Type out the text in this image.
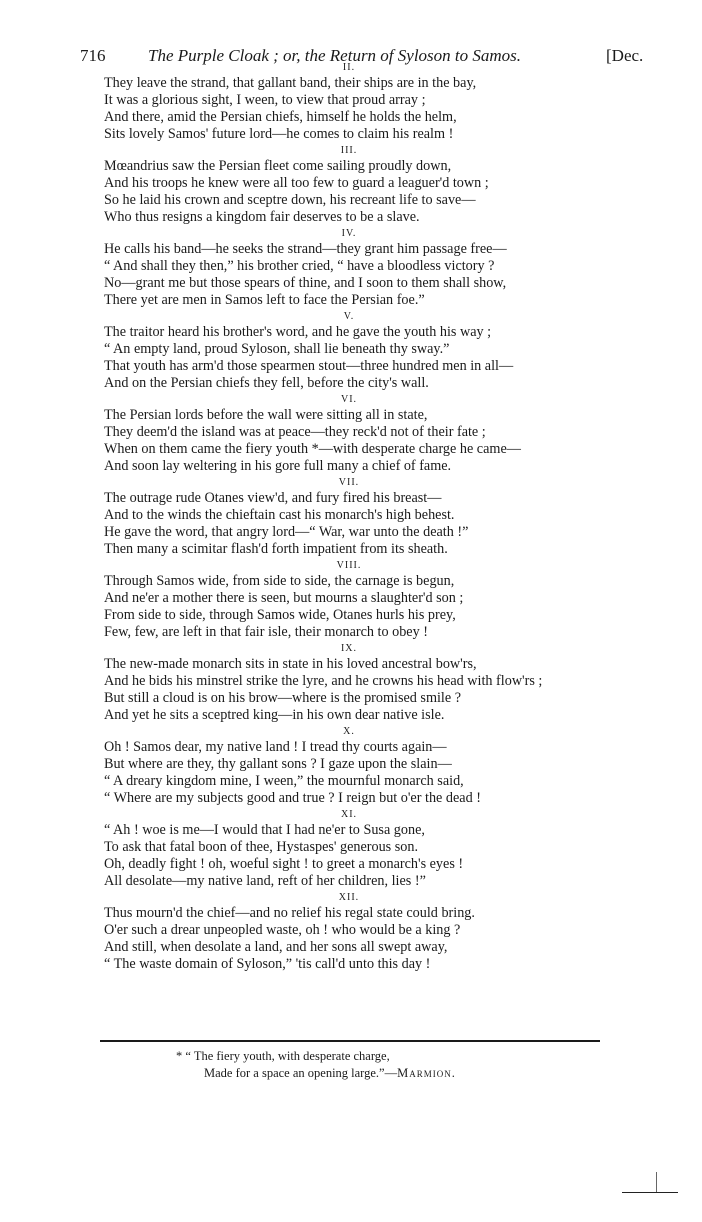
716	The Purple Cloak ; or, the Return of Syloson to Samos.	[Dec.
II.
They leave the strand, that gallant band, their ships are in the bay,
It was a glorious sight, I ween, to view that proud array ;
And there, amid the Persian chiefs, himself he holds the helm,
Sits lovely Samos' future lord—he comes to claim his realm !
III.
Mœandrius saw the Persian fleet come sailing proudly down,
And his troops he knew were all too few to guard a leaguer'd town ;
So he laid his crown and sceptre down, his recreant life to save—
Who thus resigns a kingdom fair deserves to be a slave.
IV.
He calls his band—he seeks the strand—they grant him passage free—
“ And shall they then,” his brother cried, “ have a bloodless victory ?
No—grant me but those spears of thine, and I soon to them shall show,
There yet are men in Samos left to face the Persian foe.”
V.
The traitor heard his brother's word, and he gave the youth his way ;
“ An empty land, proud Syloson, shall lie beneath thy sway.”
That youth has arm'd those spearmen stout—three hundred men in all—
And on the Persian chiefs they fell, before the city's wall.
VI.
The Persian lords before the wall were sitting all in state,
They deem'd the island was at peace—they reck'd not of their fate ;
When on them came the fiery youth *—with desperate charge he came—
And soon lay weltering in his gore full many a chief of fame.
VII.
The outrage rude Otanes view'd, and fury fired his breast—
And to the winds the chieftain cast his monarch's high behest.
He gave the word, that angry lord—“ War, war unto the death !”
Then many a scimitar flash'd forth impatient from its sheath.
VIII.
Through Samos wide, from side to side, the carnage is begun,
And ne'er a mother there is seen, but mourns a slaughter'd son ;
From side to side, through Samos wide, Otanes hurls his prey,
Few, few, are left in that fair isle, their monarch to obey !
IX.
The new-made monarch sits in state in his loved ancestral bow'rs,
And he bids his minstrel strike the lyre, and he crowns his head with flow'rs ;
But still a cloud is on his brow—where is the promised smile ?
And yet he sits a sceptred king—in his own dear native isle.
X.
Oh ! Samos dear, my native land ! I tread thy courts again—
But where are they, thy gallant sons ? I gaze upon the slain—
“ A dreary kingdom mine, I ween,” the mournful monarch said,
“ Where are my subjects good and true ? I reign but o'er the dead !
XI.
“ Ah ! woe is me—I would that I had ne'er to Susa gone,
To ask that fatal boon of thee, Hystaspes' generous son.
Oh, deadly fight ! oh, woeful sight ! to greet a monarch's eyes !
All desolate—my native land, reft of her children, lies !”
XII.
Thus mourn'd the chief—and no relief his regal state could bring.
O'er such a drear unpeopled waste, oh ! who would be a king ?
And still, when desolate a land, and her sons all swept away,
“ The waste domain of Syloson,” 'tis call'd unto this day !
* “ The fiery youth, with desperate charge,
Made for a space an opening large.”—Marmion.
